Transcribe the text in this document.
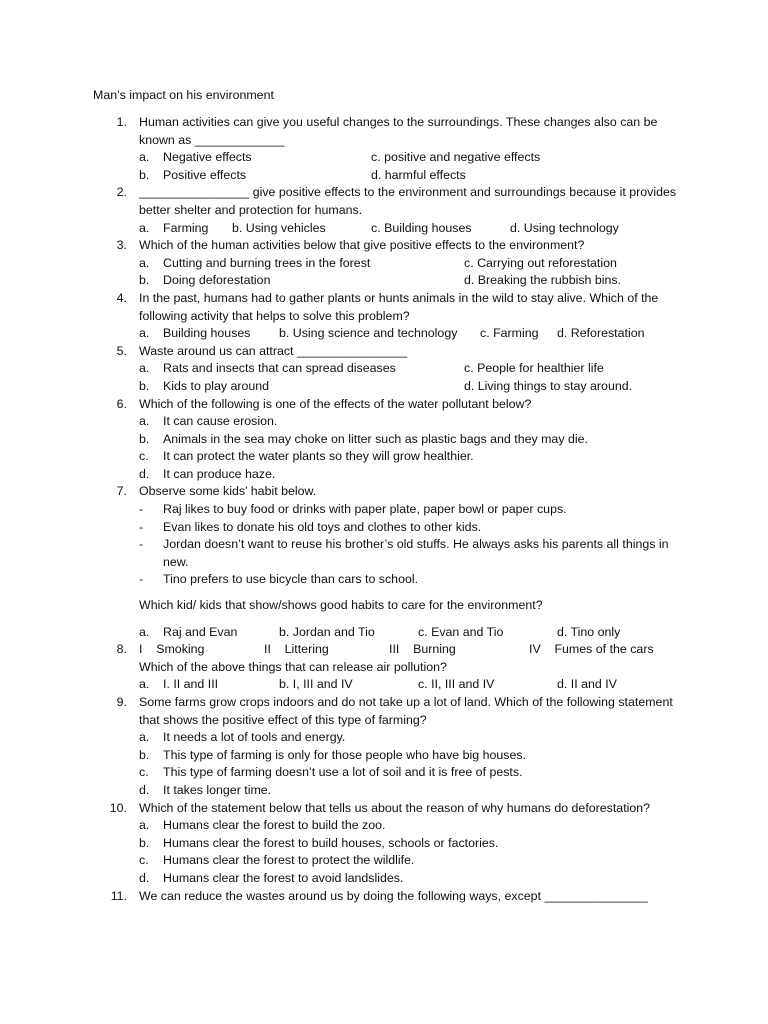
Man’s impact on his environment
1. Human activities can give you useful changes to the surroundings. These changes also can be known as _____________
a. Negative effects	c. positive and negative effects
b. Positive effects	d. harmful effects
2. ________________ give positive effects to the environment and surroundings because it provides better shelter and protection for humans.
a. Farming b. Using vehicles	c. Building houses	d. Using technology
3. Which of the human activities below that give positive effects to the environment?
a. Cutting and burning trees in the forest	c. Carrying out reforestation
b. Doing deforestation	d. Breaking the rubbish bins.
4. In the past, humans had to gather plants or hunts animals in the wild to stay alive. Which of the following activity that helps to solve this problem?
a. Building houses b. Using science and technology c. Farming d. Reforestation
5. Waste around us can attract ________________
a. Rats and insects that can spread diseases	c. People for healthier life
b. Kids to play around	d. Living things to stay around.
6. Which of the following is one of the effects of the water pollutant below?
a. It can cause erosion.
b. Animals in the sea may choke on litter such as plastic bags and they may die.
c. It can protect the water plants so they will grow healthier.
d. It can produce haze.
7. Observe some kids’ habit below.
- Raj likes to buy food or drinks with paper plate, paper bowl or paper cups.
- Evan likes to donate his old toys and clothes to other kids.
- Jordan doesn’t want to reuse his brother’s old stuffs. He always asks his parents all things in new.
- Tino prefers to use bicycle than cars to school.
Which kid/ kids that show/shows good habits to care for the environment?
a. Raj and Evan	b. Jordan and Tio	c. Evan and Tio	d. Tino only
8. I    Smoking	II    Littering	III    Burning	IV    Fumes of the cars
Which of the above things that can release air pollution?
a. I. II and III	b. I, III and IV	c. II, III and IV	d. II and IV
9. Some farms grow crops indoors and do not take up a lot of land. Which of the following statement that shows the positive effect of this type of farming?
a. It needs a lot of tools and energy.
b. This type of farming is only for those people who have big houses.
c. This type of farming doesn’t use a lot of soil and it is free of pests.
d. It takes longer time.
10. Which of the statement below that tells us about the reason of why humans do deforestation?
a. Humans clear the forest to build the zoo.
b. Humans clear the forest to build houses, schools or factories.
c. Humans clear the forest to protect the wildlife.
d. Humans clear the forest to avoid landslides.
11. We can reduce the wastes around us by doing the following ways, except _______________
